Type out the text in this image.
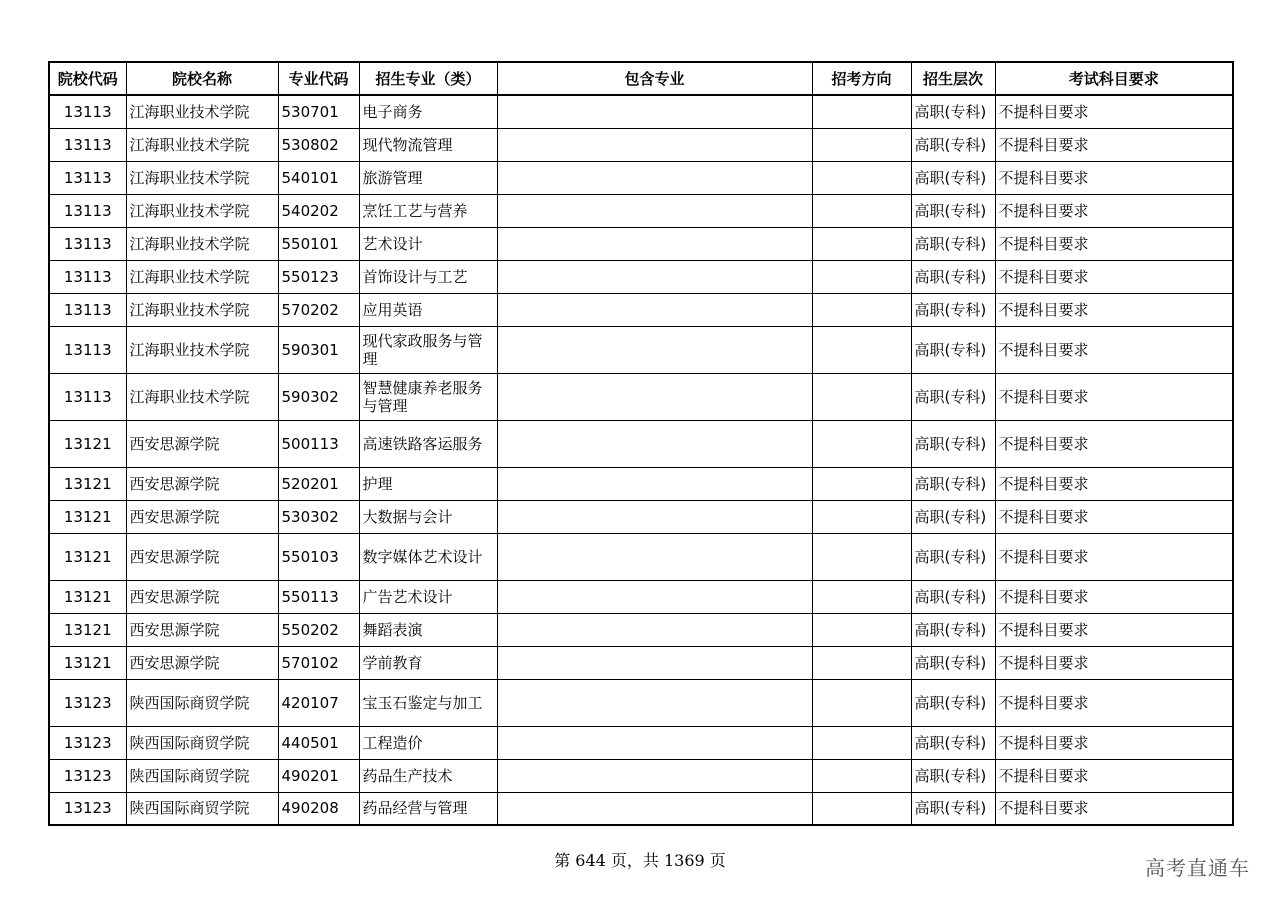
院校代码	院校名称	专业代码	招生专业（类）	包含专业	招考方向	招生层次	考试科目要求
13113	江海职业技术学院	530701	电子商务			高职(专科)	不提科目要求
13113	江海职业技术学院	530802	现代物流管理			高职(专科)	不提科目要求
13113	江海职业技术学院	540101	旅游管理			高职(专科)	不提科目要求
13113	江海职业技术学院	540202	烹饪工艺与营养			高职(专科)	不提科目要求
13113	江海职业技术学院	550101	艺术设计			高职(专科)	不提科目要求
13113	江海职业技术学院	550123	首饰设计与工艺			高职(专科)	不提科目要求
13113	江海职业技术学院	570202	应用英语			高职(专科)	不提科目要求
13113	江海职业技术学院	590301	现代家政服务与管理			高职(专科)	不提科目要求
13113	江海职业技术学院	590302	智慧健康养老服务与管理			高职(专科)	不提科目要求
13121	西安思源学院	500113	高速铁路客运服务			高职(专科)	不提科目要求
13121	西安思源学院	520201	护理			高职(专科)	不提科目要求
13121	西安思源学院	530302	大数据与会计			高职(专科)	不提科目要求
13121	西安思源学院	550103	数字媒体艺术设计			高职(专科)	不提科目要求
13121	西安思源学院	550113	广告艺术设计			高职(专科)	不提科目要求
13121	西安思源学院	550202	舞蹈表演			高职(专科)	不提科目要求
13121	西安思源学院	570102	学前教育			高职(专科)	不提科目要求
13123	陕西国际商贸学院	420107	宝玉石鉴定与加工			高职(专科)	不提科目要求
13123	陕西国际商贸学院	440501	工程造价			高职(专科)	不提科目要求
13123	陕西国际商贸学院	490201	药品生产技术			高职(专科)	不提科目要求
13123	陕西国际商贸学院	490208	药品经营与管理			高职(专科)	不提科目要求
第 644 页，共 1369 页	高考直通车
